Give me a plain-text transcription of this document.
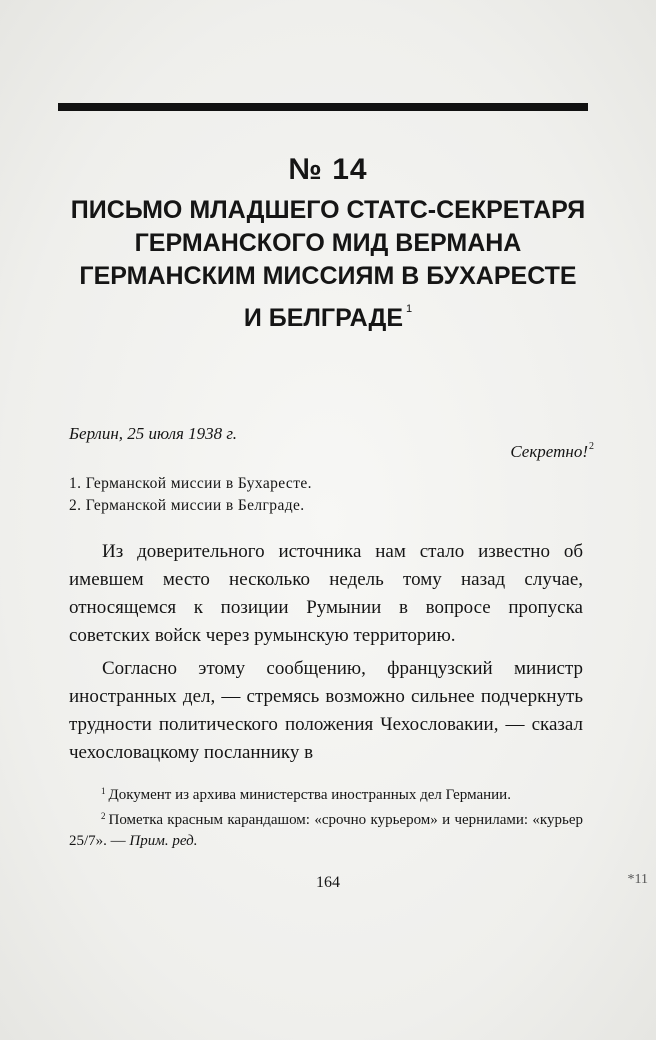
№ 14
ПИСЬМО МЛАДШЕГО СТАТС-СЕКРЕТАРЯ
ГЕРМАНСКОГО МИД ВЕРМАНА
ГЕРМАНСКИМ МИССИЯМ В БУХАРЕСТЕ
И БЕЛГРАДЕ $^1$
Берлин, 25 июля 1938 г.
Секретно!$^2$
1. Германской миссии в Бухаресте.
2. Германской миссии в Белграде.

Из доверительного источника нам стало известно об имевшем место несколько недель тому назад случае, относящемся к позиции Румынии в вопросе пропуска советских войск через румынскую территорию.

Согласно этому сообщению, французский министр иностранных дел, — стремясь возможно сильнее подчеркнуть трудности политического положения Чехословакии, — сказал чехословацкому посланнику в

$^1$ Документ из архива министерства иностранных дел Германии.

$^2$ Пометка красным карандашом: «срочно курьером» и чернилами: «курьер 25/7». — Прим. ред.

164	*11
